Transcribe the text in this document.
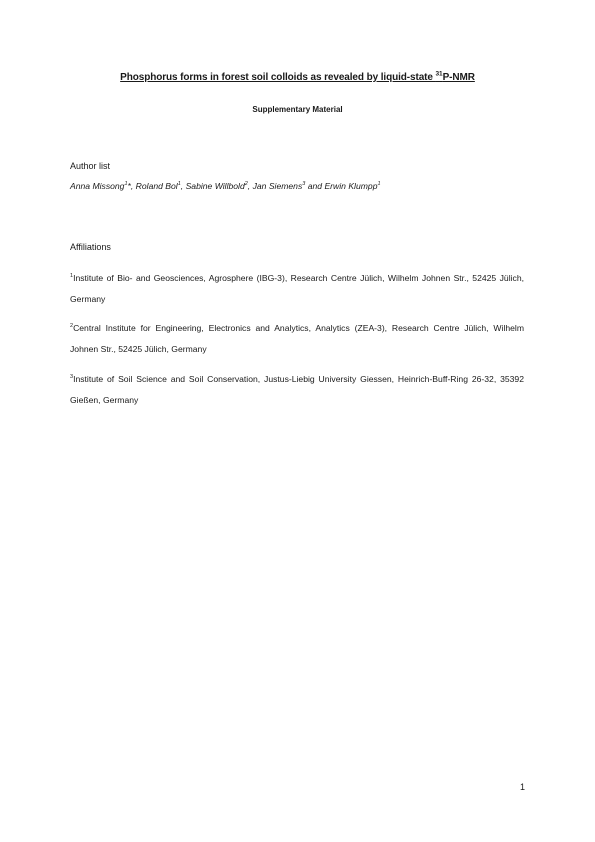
Phosphorus forms in forest soil colloids as revealed by liquid-state $^{31}$P-NMR
Supplementary Material
Author list
Anna Missong$^1$*, Roland Bol$^1$, Sabine Willbold$^2$, Jan Siemens$^3$ and Erwin Klumpp$^1$
Affiliations
$^1$Institute of Bio- and Geosciences, Agrosphere (IBG-3), Research Centre Jülich, Wilhelm Johnen Str., 52425 Jülich, Germany
$^2$Central Institute for Engineering, Electronics and Analytics, Analytics (ZEA-3), Research Centre Jülich, Wilhelm Johnen Str., 52425 Jülich, Germany
$^3$Institute of Soil Science and Soil Conservation, Justus-Liebig University Giessen, Heinrich-Buff-Ring 26-32, 35392 Gießen, Germany
1
